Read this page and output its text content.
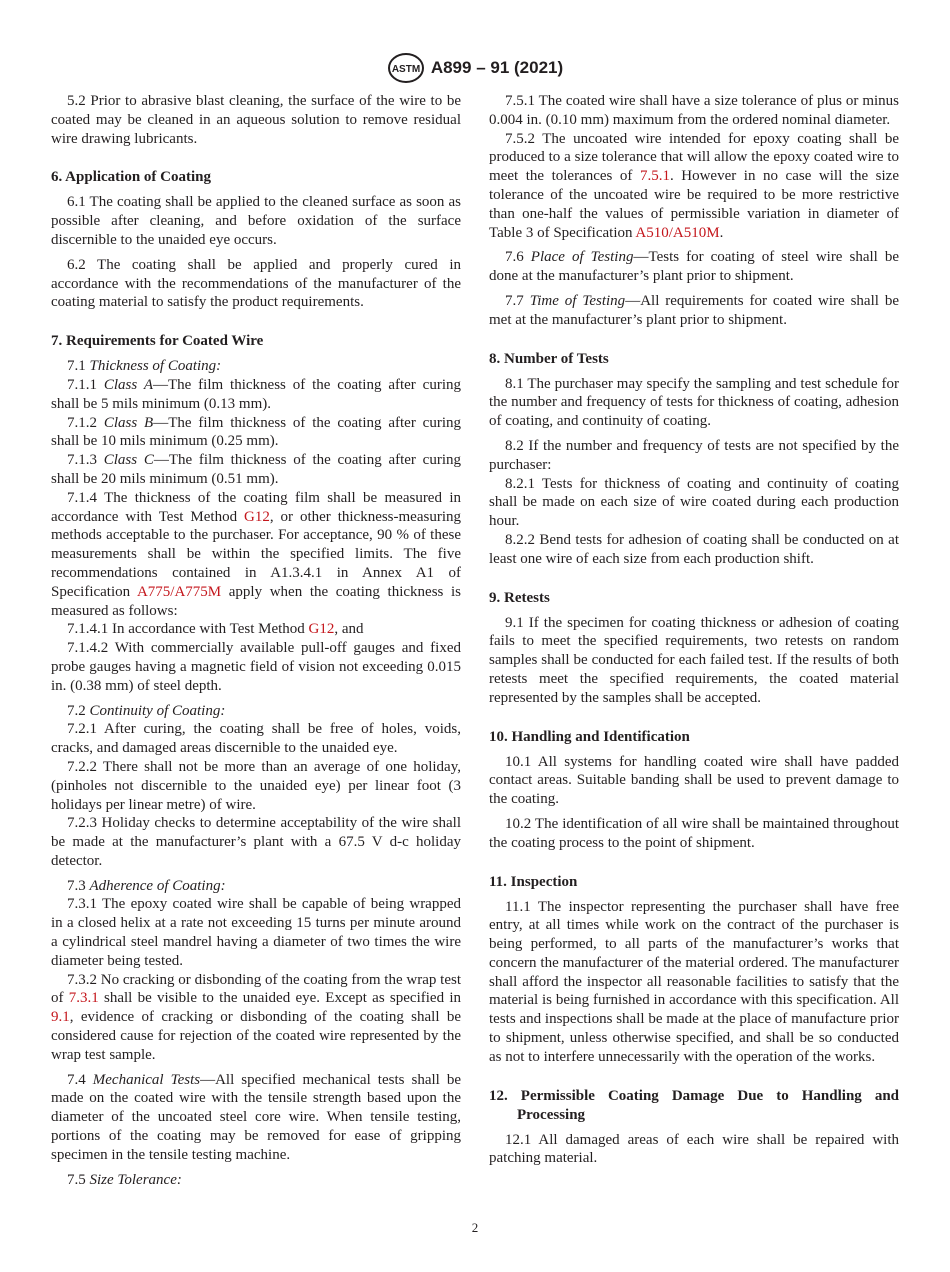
ASTM A899 – 91 (2021)

5.2 Prior to abrasive blast cleaning, the surface of the wire to be coated may be cleaned in an aqueous solution to remove residual wire drawing lubricants.

6. Application of Coating

6.1 The coating shall be applied to the cleaned surface as soon as possible after cleaning, and before oxidation of the surface discernible to the unaided eye occurs.

6.2 The coating shall be applied and properly cured in accordance with the recommendations of the manufacturer of the coating material to satisfy the product requirements.

7. Requirements for Coated Wire

7.1 Thickness of Coating:

7.1.1 Class A—The film thickness of the coating after curing shall be 5 mils minimum (0.13 mm).

7.1.2 Class B—The film thickness of the coating after curing shall be 10 mils minimum (0.25 mm).

7.1.3 Class C—The film thickness of the coating after curing shall be 20 mils minimum (0.51 mm).

7.1.4 The thickness of the coating film shall be measured in accordance with Test Method G12, or other thickness-measuring methods acceptable to the purchaser. For acceptance, 90 % of these measurements shall be within the specified limits. The five recommendations contained in A1.3.4.1 in Annex A1 of Specification A775/A775M apply when the coating thickness is measured as follows:

7.1.4.1 In accordance with Test Method G12, and

7.1.4.2 With commercially available pull-off gauges and fixed probe gauges having a magnetic field of vision not exceeding 0.015 in. (0.38 mm) of steel depth.

7.2 Continuity of Coating:

7.2.1 After curing, the coating shall be free of holes, voids, cracks, and damaged areas discernible to the unaided eye.

7.2.2 There shall not be more than an average of one holiday, (pinholes not discernible to the unaided eye) per linear foot (3 holidays per linear metre) of wire.

7.2.3 Holiday checks to determine acceptability of the wire shall be made at the manufacturer’s plant with a 67.5 V d-c holiday detector.

7.3 Adherence of Coating:

7.3.1 The epoxy coated wire shall be capable of being wrapped in a closed helix at a rate not exceeding 15 turns per minute around a cylindrical steel mandrel having a diameter of two times the wire diameter being tested.

7.3.2 No cracking or disbonding of the coating from the wrap test of 7.3.1 shall be visible to the unaided eye. Except as specified in 9.1, evidence of cracking or disbonding of the coating shall be considered cause for rejection of the coated wire represented by the wrap test sample.

7.4 Mechanical Tests—All specified mechanical tests shall be made on the coated wire with the tensile strength based upon the diameter of the uncoated steel core wire. When tensile testing, portions of the coating may be removed for ease of gripping specimen in the tensile testing machine.

7.5 Size Tolerance:

7.5.1 The coated wire shall have a size tolerance of plus or minus 0.004 in. (0.10 mm) maximum from the ordered nominal diameter.

7.5.2 The uncoated wire intended for epoxy coating shall be produced to a size tolerance that will allow the epoxy coated wire to meet the tolerances of 7.5.1. However in no case will the size tolerance of the uncoated wire be required to be more restrictive than one-half the values of permissible variation in diameter of Table 3 of Specification A510/A510M.

7.6 Place of Testing—Tests for coating of steel wire shall be done at the manufacturer’s plant prior to shipment.

7.7 Time of Testing—All requirements for coated wire shall be met at the manufacturer’s plant prior to shipment.

8. Number of Tests

8.1 The purchaser may specify the sampling and test schedule for the number and frequency of tests for thickness of coating, adhesion of coating, and continuity of coating.

8.2 If the number and frequency of tests are not specified by the purchaser:

8.2.1 Tests for thickness of coating and continuity of coating shall be made on each size of wire coated during each production hour.

8.2.2 Bend tests for adhesion of coating shall be conducted on at least one wire of each size from each production shift.

9. Retests

9.1 If the specimen for coating thickness or adhesion of coating fails to meet the specified requirements, two retests on random samples shall be conducted for each failed test. If the results of both retests meet the specified requirements, the coated material represented by the samples shall be accepted.

10. Handling and Identification

10.1 All systems for handling coated wire shall have padded contact areas. Suitable banding shall be used to prevent damage to the coating.

10.2 The identification of all wire shall be maintained throughout the coating process to the point of shipment.

11. Inspection

11.1 The inspector representing the purchaser shall have free entry, at all times while work on the contract of the purchaser is being performed, to all parts of the manufacturer’s works that concern the manufacturer of the material ordered. The manufacturer shall afford the inspector all reasonable facilities to satisfy that the material is being furnished in accordance with this specification. All tests and inspections shall be made at the place of manufacture prior to shipment, unless otherwise specified, and shall be so conducted as not to interfere unnecessarily with the operation of the works.

12. Permissible Coating Damage Due to Handling and Processing

12.1 All damaged areas of each wire shall be repaired with patching material.

2
